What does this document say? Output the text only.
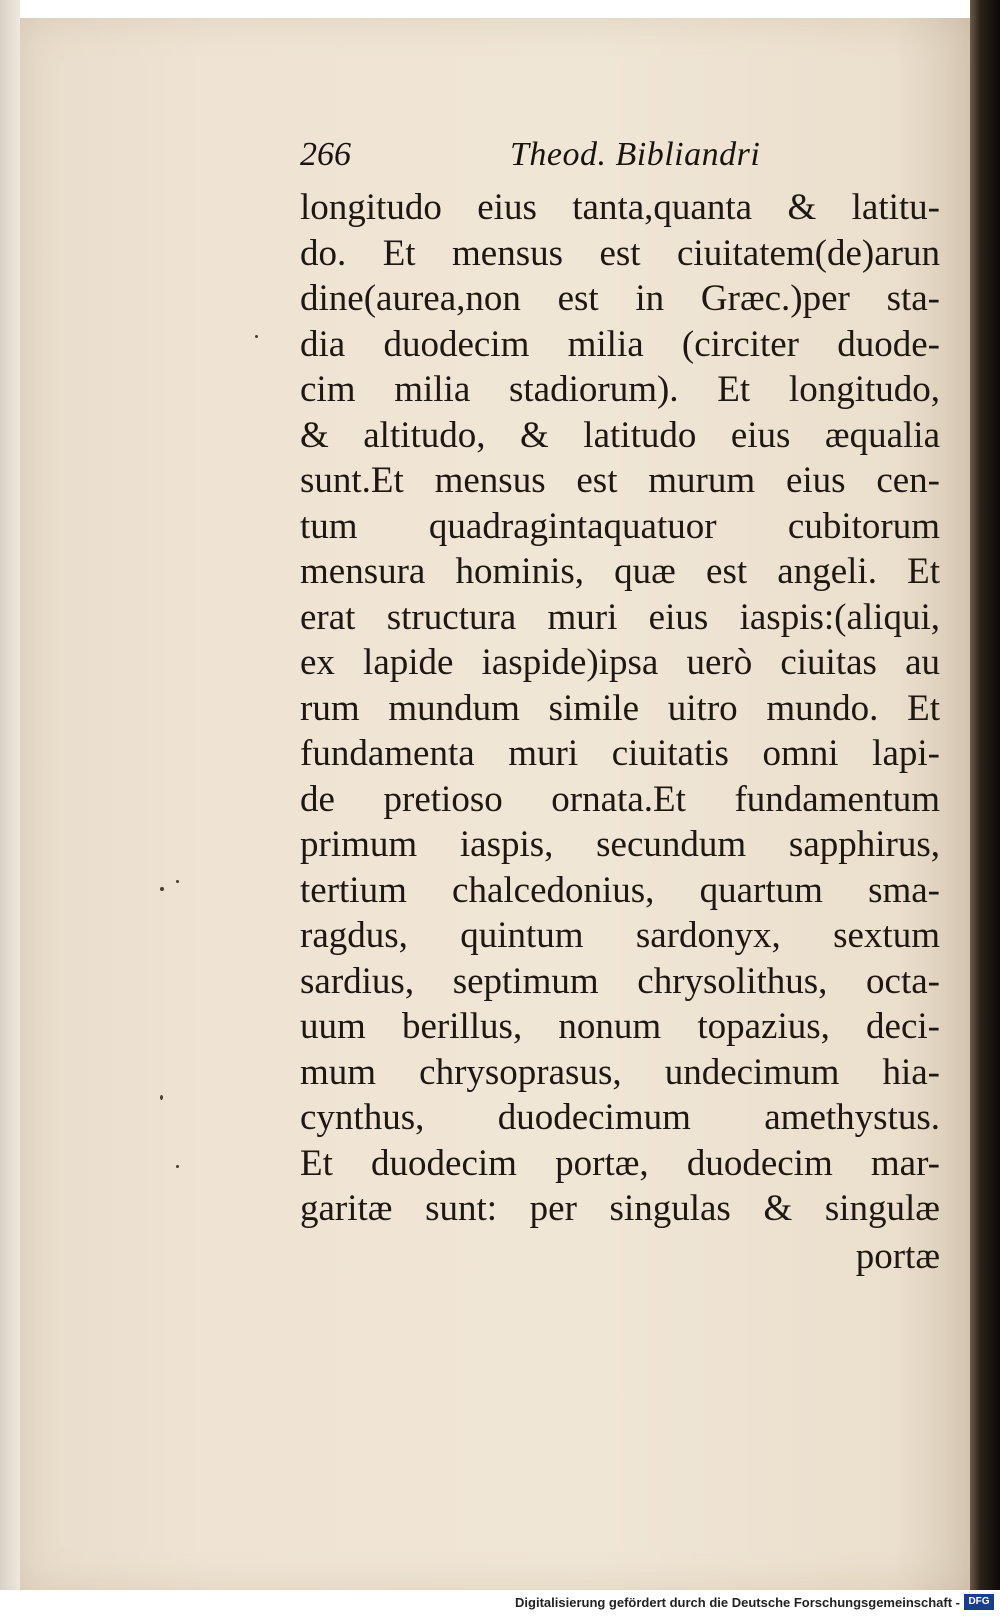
266	Theod. Bibliandri
longitudo eius tanta,quanta & latitu-
do. Et mensus est ciuitatem(de)arun
dine(aurea,non est in Græc.)per sta-
dia duodecim milia (circiter duode-
cim milia stadiorum). Et longitudo,
& altitudo, & latitudo eius æqualia
sunt.Et mensus est murum eius cen-
tum quadragintaquatuor cubitorum
mensura hominis, quæ est angeli. Et
erat structura muri eius iaspis:(aliqui,
ex lapide iaspide)ipsa uerò ciuitas au
rum mundum simile uitro mundo. Et
fundamenta muri ciuitatis omni lapi-
de pretioso ornata.Et fundamentum
primum iaspis, secundum sapphirus,
tertium chalcedonius, quartum sma-
ragdus, quintum sardonyx, sextum
sardius, septimum chrysolithus, octa-
uum berillus, nonum topazius, deci-
mum chrysoprasus, undecimum hia-
cynthus, duodecimum amethystus.
Et duodecim portæ, duodecim mar-
garitæ sunt: per singulas & singulæ
portæ
Digitalisierung gefördert durch die Deutsche Forschungsgemeinschaft - DFG
